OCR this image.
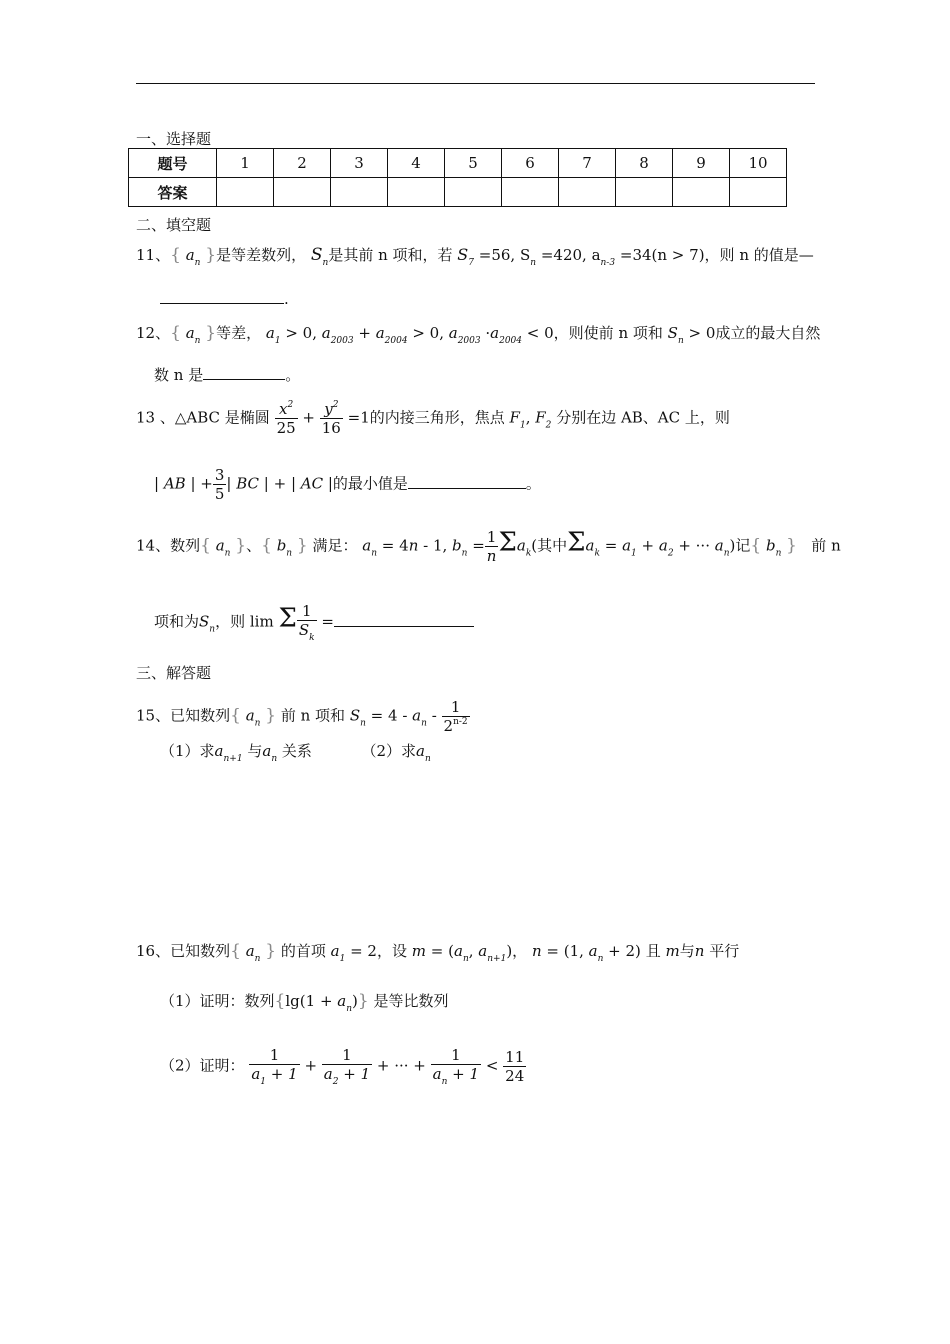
一、选择题
题号	1	2	3	4	5	6	7	8	9	10
答案										
二、填空题
11、{ $a_n$ }是等差数列， $S_n$是其前 n 项和，若 $S_7 =56$, $S_n =420$, $a_{n-3} =34(n > 7)$，则 n 的值是—
.
12、{ $a_n$ }等差， $a_1 > 0$, $a_{2003} + a_{2004} > 0$, $a_{2003} \cdot a_{2004} < 0$，则使前 n 项和 $S_n > 0$成立的最大自然
数 n 是	。
13 、△ABC 是椭圆 $\frac{x^2}{25} + \frac{y^2}{16} =1$的内接三角形，焦点 $F_1$, $F_2$ 分别在边 AB、AC 上，则
| AB | + $\frac{3}{5}$ | BC | + | AC |的最小值是	。
14、数列{ $a_n$ }、{ $b_n$ } 满足： $a_n = 4n - 1$, $b_n = \frac{1}{n} \Sigma a_k$(其中$\Sigma a_k = a_1 + a_2$ + ··· $a_n$)记{ $b_n$ } 前 n
项和为$S_n$，则 lim Σ $\frac{1}{S_k}$ =
三、解答题
15、已知数列{ $a_n$ } 前 n 项和 $S_n = 4 - a_n - \frac{1}{2^{n-2}}$
（1）求$a_{n+1}$ 与$a_n$ 关系	（2）求$a_n$
16、已知数列{ $a_n$ } 的首项 $a_1 = 2$，设 $m = (a_n$, $a_{n+1}$)， n = (1, $a_n + 2$) 且 m与n 平行
（1）证明：数列$\{\lg(1 + a_n)\}$ 是等比数列
（2）证明： $\frac{1}{a_1 + 1} + \frac{1}{a_2 + 1}$ + ··· + $\frac{1}{a_n + 1} < \frac{11}{24}$
